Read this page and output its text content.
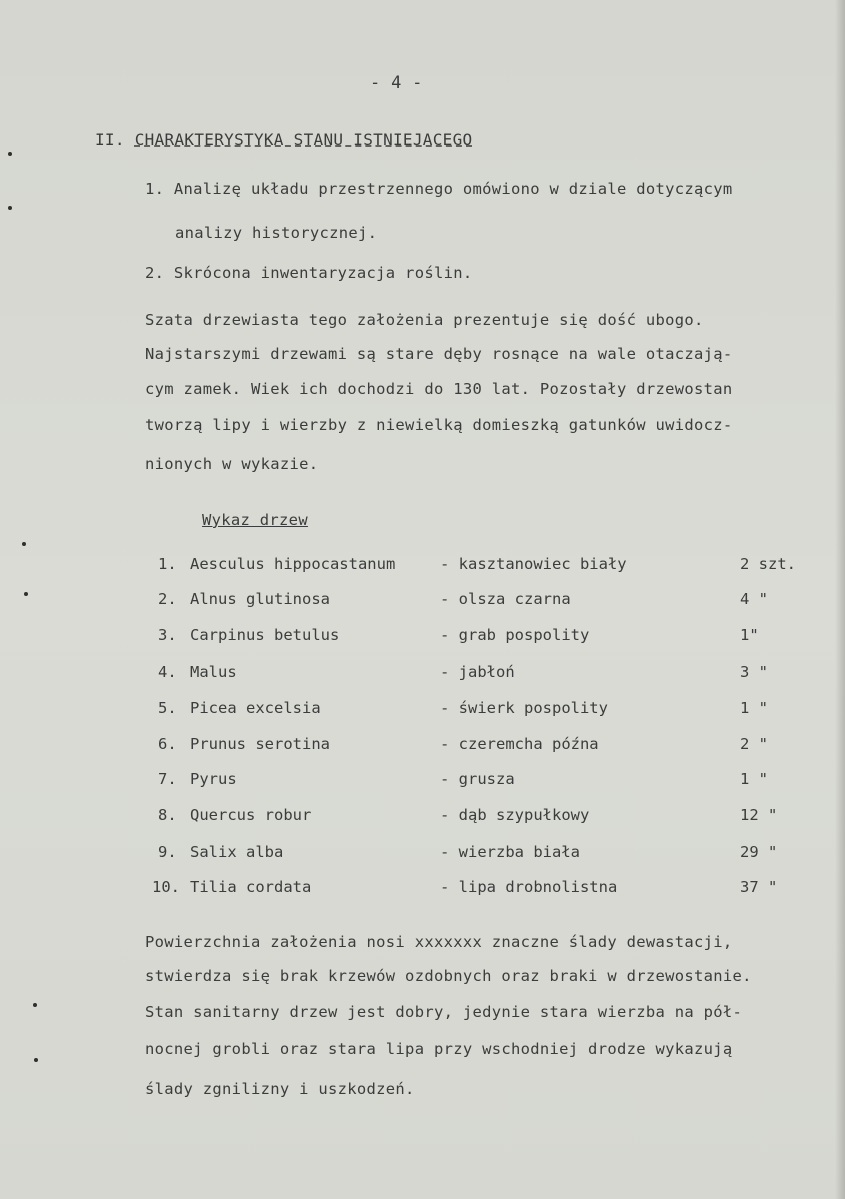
- 4 -
II. CHARAKTERYSTYKA STANU ISTNIEJACEGO
1. Analizę układu przestrzennego omówiono w dziale dotyczącym
analizy historycznej.
2. Skrócona inwentaryzacja roślin.
Szata drzewiasta tego założenia prezentuje się dość ubogo.
Najstarszymi drzewami są stare dęby rosnące na wale otaczają-
cym zamek. Wiek ich dochodzi do 130 lat. Pozostały drzewostan
tworzą lipy i wierzby z niewielką domieszką gatunków uwidocz-
nionych w wykazie.
Wykaz drzew
1. Aesculus hippocastanum	- kasztanowiec biały	2 szt.
2. Alnus glutinosa	- olsza czarna	4 "
3. Carpinus betulus	- grab pospolity	1"
4. Malus	- jabłoń	3 "
5. Picea excelsia	- świerk pospolity	1 "
6. Prunus serotina	- czeremcha późna	2 "
7. Pyrus	- grusza	1 "
8. Quercus robur	- dąb szypułkowy	12 "
9. Salix alba	- wierzba biała	29 "
10. Tilia cordata	- lipa drobnolistna	37 "
Powierzchnia założenia nosi xxxxxxx znaczne ślady dewastacji,
stwierdza się brak krzewów ozdobnych oraz braki w drzewostanie.
Stan sanitarny drzew jest dobry, jedynie stara wierzba na pół-
nocnej grobli oraz stara lipa przy wschodniej drodze wykazują
ślady zgnilizny i uszkodzeń.
